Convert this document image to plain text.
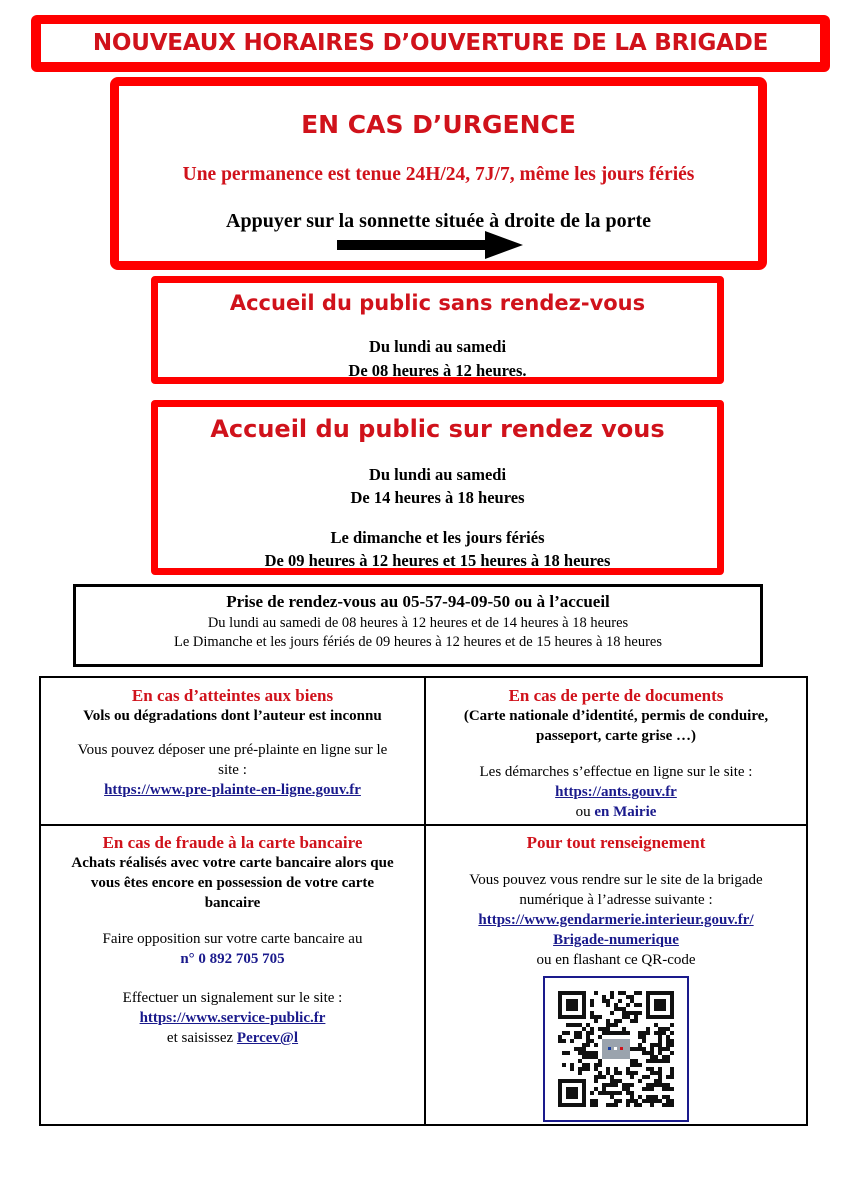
NOUVEAUX HORAIRES D’OUVERTURE DE LA BRIGADE
EN CAS D’URGENCE
Une permanence est tenue 24H/24, 7J/7, même les jours fériés
Appuyer sur la sonnette située à droite de la porte
Accueil du public sans rendez-vous
Du lundi au samedi
De 08 heures à 12 heures.
Accueil du public sur rendez vous
Du lundi au samedi
De 14 heures à 18 heures
Le dimanche et les jours fériés
De 09 heures à 12 heures et 15 heures à 18 heures
Prise de rendez-vous au 05-57-94-09-50 ou à l’accueil
Du lundi au samedi de 08 heures à 12 heures et de 14 heures à 18 heures
Le Dimanche et les jours fériés de 09 heures à 12 heures et de 15 heures à 18 heures

En cas d’atteintes aux biens

Vols ou dégradations dont l’auteur est inconnu

Vous pouvez déposer une pré-plainte en ligne sur le

site :

https://www.pre-plainte-en-ligne.gouv.fr

En cas de perte de documents

(Carte nationale d’identité, permis de conduire,

passeport, carte grise …)

Les démarches s’effectue en ligne sur le site :

https://ants.gouv.fr

ou en Mairie

En cas de fraude à la carte bancaire

Achats réalisés avec votre carte bancaire alors que

vous êtes encore en possession de votre carte

bancaire

Faire opposition sur votre carte bancaire au

n° 0 892 705 705

Effectuer un signalement sur le site :

https://www.service-public.fr

et saisissez Percev@l

Pour tout renseignement

Vous pouvez vous rendre sur le site de la brigade

numérique à l’adresse suivante :

https://www.gendarmerie.interieur.gouv.fr/

Brigade-numerique

ou en flashant ce QR-code
